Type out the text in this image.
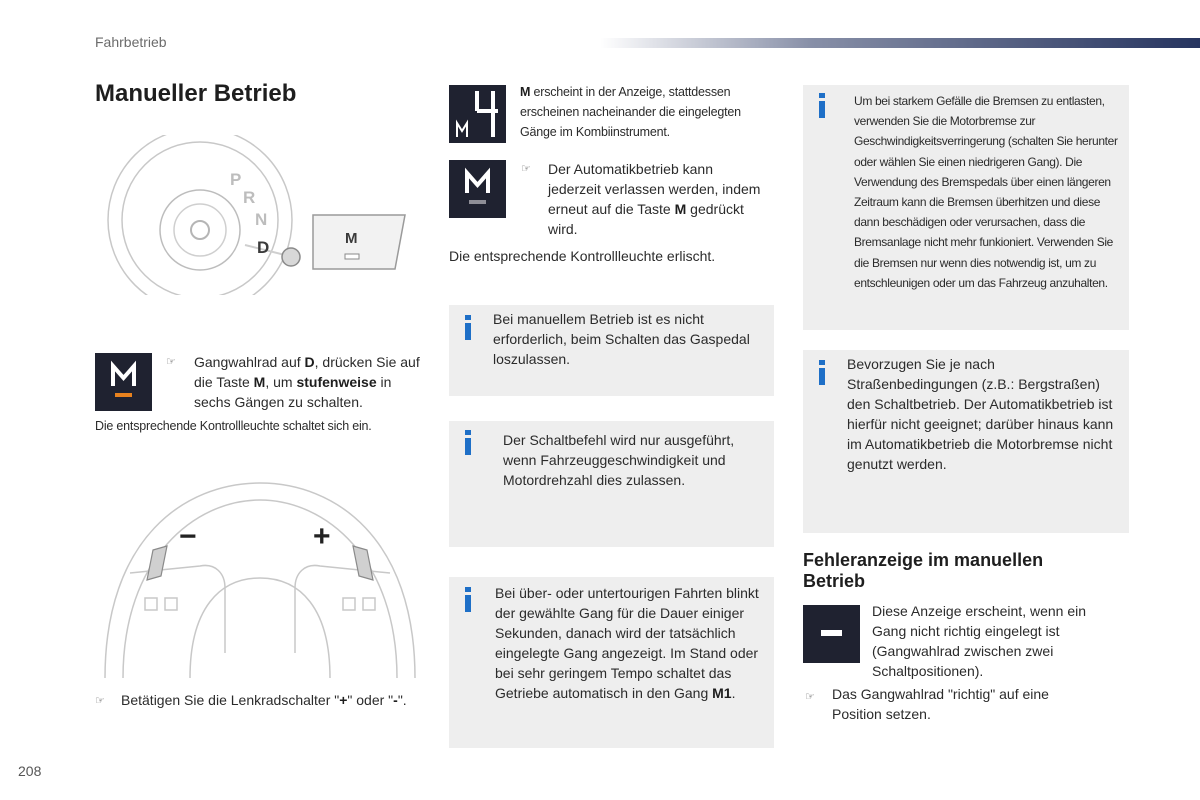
Fahrbetrieb
Manueller Betrieb
P
R
N
D	M
☞ Gangwahlrad auf D, drücken Sie auf die Taste M, um stufenweise in sechs Gängen zu schalten.
Die entsprechende Kontrollleuchte schaltet sich ein.
−	+
☞ Betätigen Sie die Lenkradschalter "+" oder "-".
M erscheint in der Anzeige, stattdessen erscheinen nacheinander die eingelegten Gänge im Kombiinstrument.
☞ Der Automatikbetrieb kann jederzeit verlassen werden, indem erneut auf die Taste M gedrückt wird.
Die entsprechende Kontrollleuchte erlischt.
Bei manuellem Betrieb ist es nicht erforderlich, beim Schalten das Gaspedal loszulassen.
Der Schaltbefehl wird nur ausgeführt, wenn Fahrzeuggeschwindigkeit und Motordrehzahl dies zulassen.
Bei über- oder untertourigen Fahrten blinkt der gewählte Gang für die Dauer einiger Sekunden, danach wird der tatsächlich eingelegte Gang angezeigt. Im Stand oder bei sehr geringem Tempo schaltet das Getriebe automatisch in den Gang M1.
Um bei starkem Gefälle die Bremsen zu entlasten, verwenden Sie die Motorbremse zur Geschwindigkeitsverringerung (schalten Sie herunter oder wählen Sie einen niedrigeren Gang). Die Verwendung des Bremspedals über einen längeren Zeitraum kann die Bremsen überhitzen und diese dann beschädigen oder verursachen, dass die Bremsanlage nicht mehr funkioniert. Verwenden Sie die Bremsen nur wenn dies notwendig ist, um zu entschleunigen oder um das Fahrzeug anzuhalten.
Bevorzugen Sie je nach Straßenbedingungen (z.B.: Bergstraßen) den Schaltbetrieb. Der Automatikbetrieb ist hierfür nicht geeignet; darüber hinaus kann im Automatikbetrieb die Motorbremse nicht genutzt werden.
Fehleranzeige im manuellen Betrieb
Diese Anzeige erscheint, wenn ein Gang nicht richtig eingelegt ist (Gangwahlrad zwischen zwei Schaltpositionen).
☞ Das Gangwahlrad "richtig" auf eine Position setzen.
208
